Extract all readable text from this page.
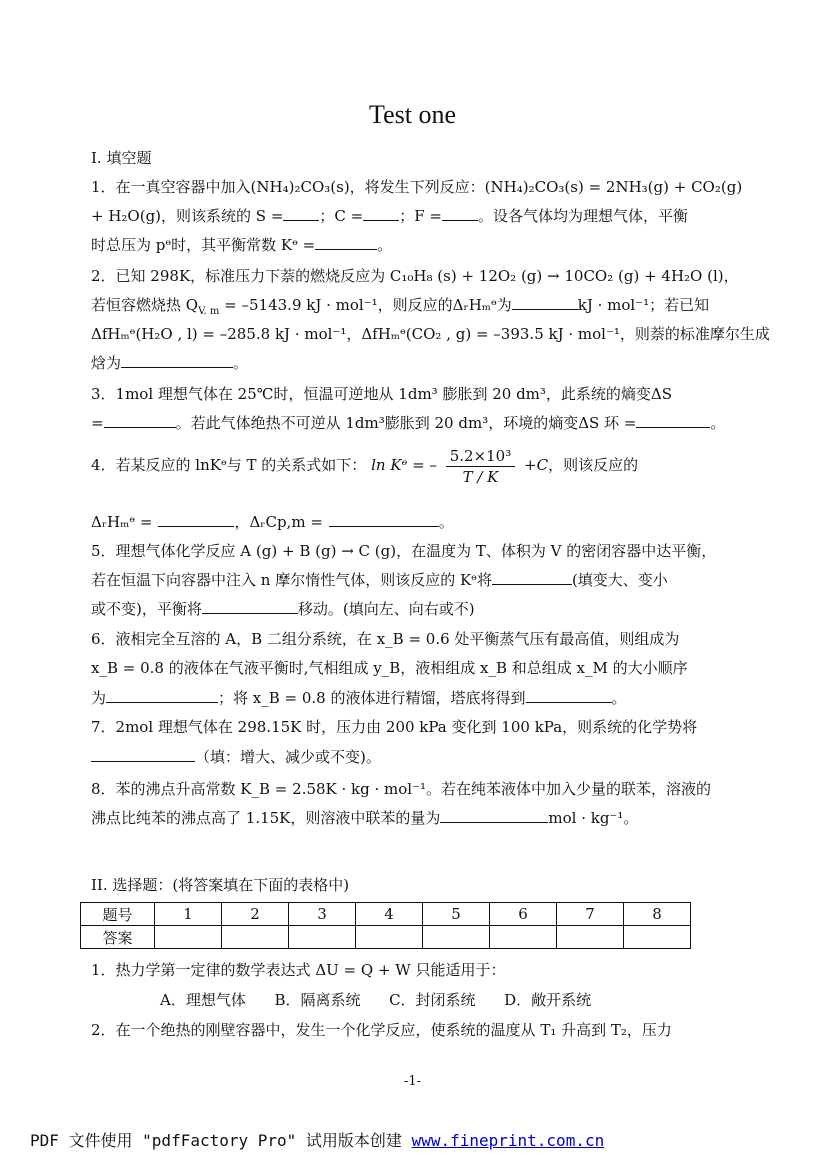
Test one
I. 填空题
1．在一真空容器中加入(NH₄)₂CO₃(s)，将发生下列反应：(NH₄)₂CO₃(s) = 2NH₃(g) + CO₂(g)
+ H₂O(g)，则该系统的 S = ；C = ；F = 。设各气体均为理想气体，平衡
时总压为 pᶱ时，其平衡常数 Kᶱ =	。
2．已知 298K，标准压力下萘的燃烧反应为 C₁₀H₈ (s) + 12O₂ (g) → 10CO₂ (g) + 4H₂O (l)，
若恒容燃烧热 $Q_{V. m} = -5143.9$ kJ · mol⁻¹，则反应的ΔᵣHₘᶱ为	kJ · mol⁻¹；若已知
ΔfHₘᶱ(H₂O , l) = –285.8 kJ · mol⁻¹，ΔfHₘᶱ(CO₂ , g) = –393.5 kJ · mol⁻¹，则萘的标准摩尔生成
焓为	。
3．1mol 理想气体在 25℃时，恒温可逆地从 1dm³ 膨胀到 20 dm³，此系统的熵变ΔS
=	。若此气体绝热不可逆从 1dm³膨胀到 20 dm³，环境的熵变ΔS 环 =	。
4．若某反应的 lnKᶱ与 T 的关系式如下： ln Kᶱ = – $\frac{\text{5.2×10³}}{T / K} +C$，则该反应的
ΔᵣHₘᶱ =	，ΔᵣCp,m =	。
5．理想气体化学反应 A (g) + B (g) → C (g)，在温度为 T、体积为 V 的密闭容器中达平衡，
若在恒温下向容器中注入 n 摩尔惰性气体，则该反应的 Kᶱ将	(填变大、变小
或不变)，平衡将	移动。(填向左、向右或不)
6．液相完全互溶的 A，B 二组分系统，在 x_B = 0.6 处平衡蒸气压有最高值，则组成为
x_B = 0.8 的液体在气液平衡时,气相组成 y_B，液相组成 x_B 和总组成 x_M 的大小顺序
为	；将 x_B = 0.8 的液体进行精馏，塔底将得到	。
7．2mol 理想气体在 298.15K 时，压力由 200 kPa 变化到 100 kPa，则系统的化学势将
（填：增大、减少或不变)。
8．苯的沸点升高常数 K_B = 2.58K · kg · mol⁻¹。若在纯苯液体中加入少量的联苯，溶液的
沸点比纯苯的沸点高了 1.15K，则溶液中联苯的量为	mol · kg⁻¹。
II. 选择题：(将答案填在下面的表格中)
题号	1	2	3	4	5	6	7	8
答案								
1．热力学第一定律的数学表达式 ΔU = Q + W 只能适用于：
A．理想气体      B．隔离系统      C．封闭系统      D．敞开系统
2．在一个绝热的刚壁容器中，发生一个化学反应，使系统的温度从 T₁ 升高到 T₂，压力
-1-
PDF 文件使用 "pdfFactory Pro" 试用版本创建 www.fineprint.com.cn
